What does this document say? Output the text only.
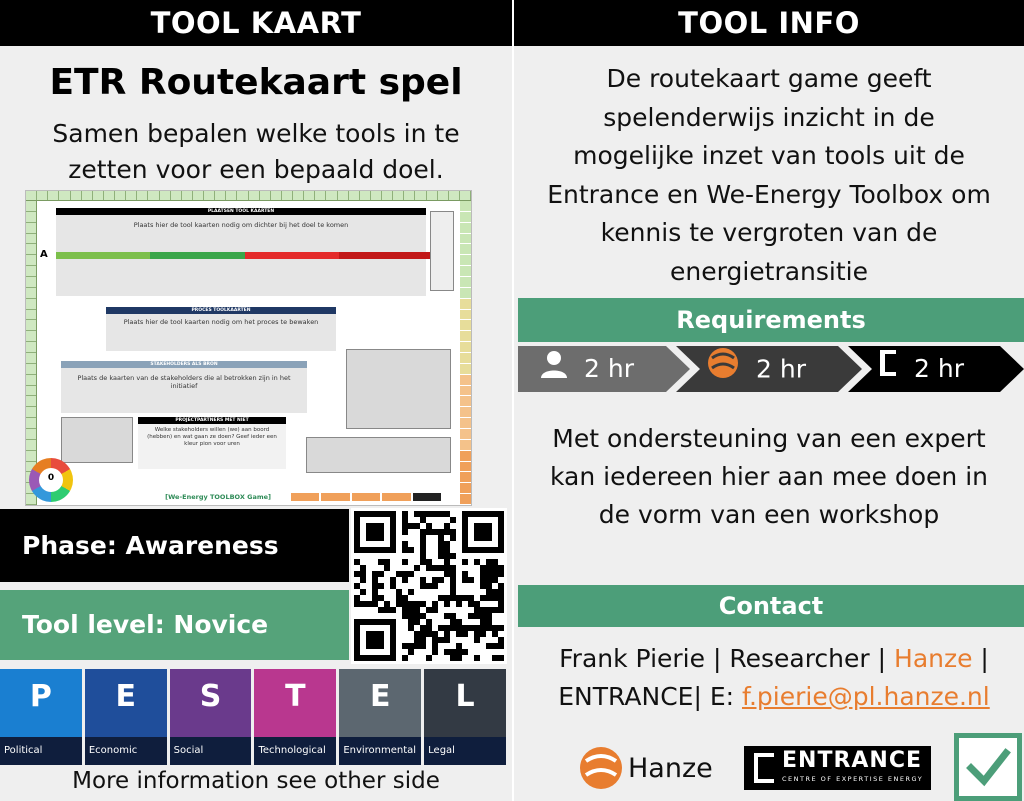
TOOL KAART
ETR Routekaart spel
Samen bepalen welke tools in te zetten voor een bepaald doel.
PLAATSEN TOOL KAARTEN
Plaats hier de tool kaarten nodig om dichter bij het doel te komen
A
PROCES TOOLKAARTEN
Plaats hier de tool kaarten nodig om het proces te bewaken
STAKEHOLDERS ALS BRON
Plaats de kaarten van de stakeholders die al betrokken zijn in het initiatief
PROJECTPARTNERS MET NIET
Welke stakeholders willen (we) aan boord (hebben) en wat gaan ze doen? Geef ieder een kleur pion voor uren
0
[We-Energy TOOLBOX Game]
Phase: Awareness
Tool level: Novice
P
Political
E
Economic
S
Social
T
Technological
E
Environmental
L
Legal
More information see other side
TOOL INFO
De routekaart game geeft spelenderwijs inzicht in de mogelijke inzet van tools uit de Entrance en We-Energy Toolbox om kennis te vergroten van de energietransitie
Requirements
2 hr	2 hr	2 hr
Met ondersteuning van een expert kan iedereen hier aan mee doen in de vorm van een workshop
Contact
Frank Pierie | Researcher | Hanze |
ENTRANCE| E: f.pierie@pl.hanze.nl
Hanze	ENTRANCE
CENTRE OF EXPERTISE ENERGY
